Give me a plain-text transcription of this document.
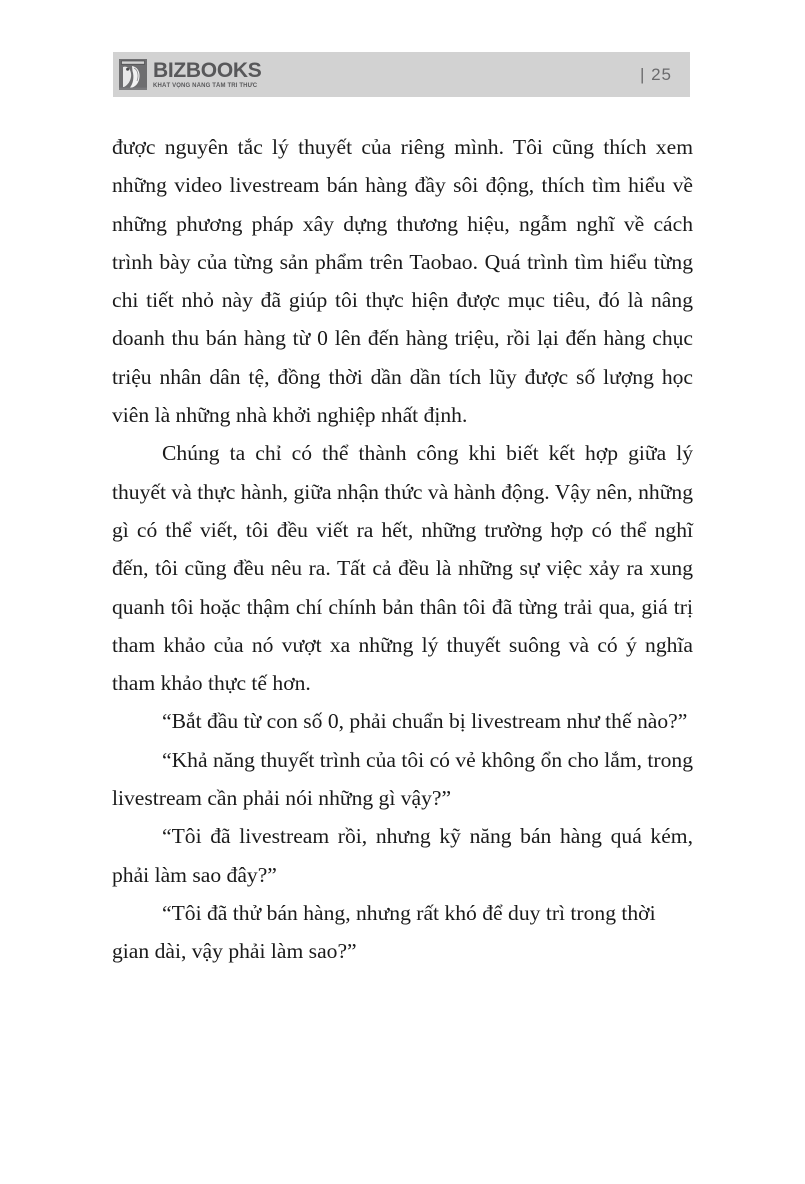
BIZBOOKS
KHÁT VỌNG NÂNG TẦM TRI THỨC
| 25

được nguyên tắc lý thuyết của riêng mình. Tôi cũng thích xem những video livestream bán hàng đầy sôi động, thích tìm hiểu về những phương pháp xây dựng thương hiệu, ngẫm nghĩ về cách trình bày của từng sản phẩm trên Taobao. Quá trình tìm hiểu từng chi tiết nhỏ này đã giúp tôi thực hiện được mục tiêu, đó là nâng doanh thu bán hàng từ 0 lên đến hàng triệu, rồi lại đến hàng chục triệu nhân dân tệ, đồng thời dần dần tích lũy được số lượng học viên là những nhà khởi nghiệp nhất định.

Chúng ta chỉ có thể thành công khi biết kết hợp giữa lý thuyết và thực hành, giữa nhận thức và hành động. Vậy nên, những gì có thể viết, tôi đều viết ra hết, những trường hợp có thể nghĩ đến, tôi cũng đều nêu ra. Tất cả đều là những sự việc xảy ra xung quanh tôi hoặc thậm chí chính bản thân tôi đã từng trải qua, giá trị tham khảo của nó vượt xa những lý thuyết suông và có ý nghĩa tham khảo thực tế hơn.

“Bắt đầu từ con số 0, phải chuẩn bị livestream như thế nào?”

“Khả năng thuyết trình của tôi có vẻ không ổn cho lắm, trong livestream cần phải nói những gì vậy?”

“Tôi đã livestream rồi, nhưng kỹ năng bán hàng quá kém, phải làm sao đây?”

“Tôi đã thử bán hàng, nhưng rất khó để duy trì trong thời gian dài, vậy phải làm sao?”
